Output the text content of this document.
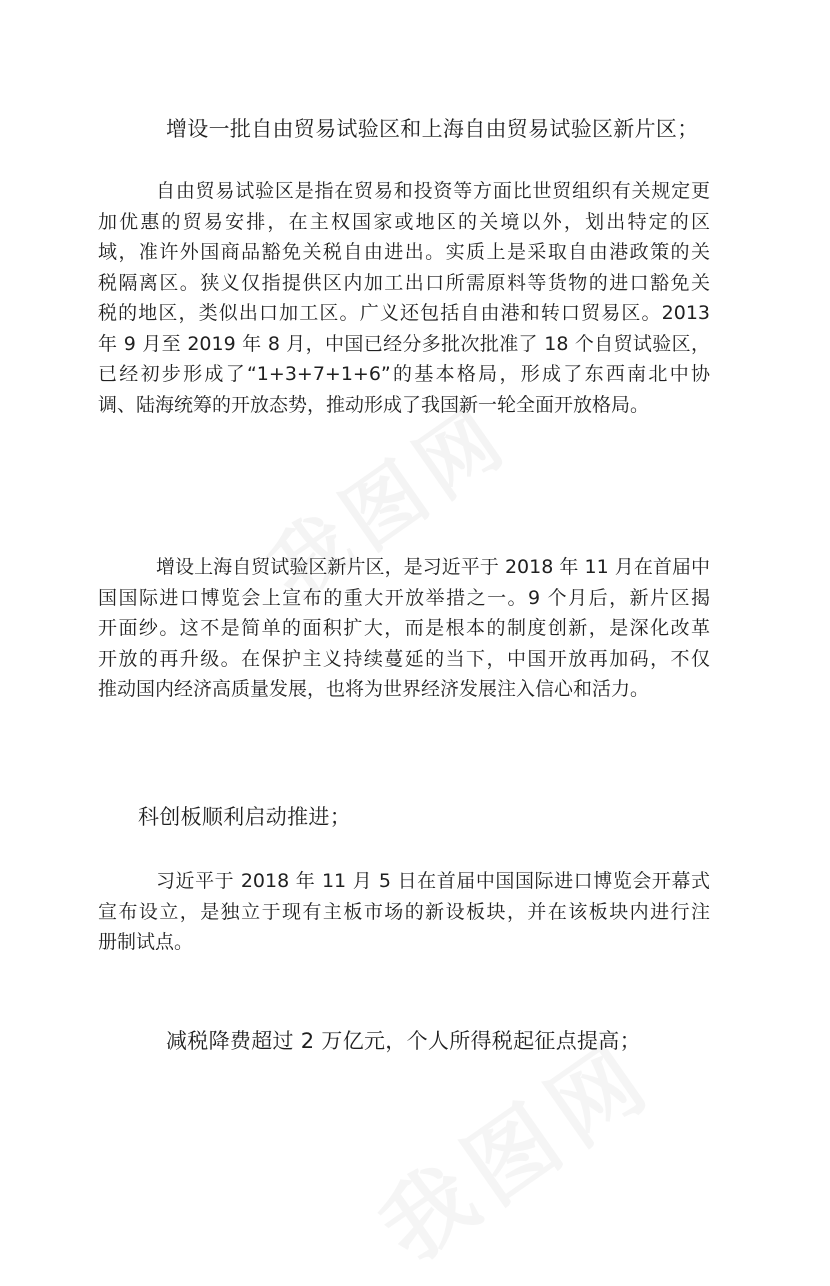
增设一批自由贸易试验区和上海自由贸易试验区新片区；
自由贸易试验区是指在贸易和投资等方面比世贸组织有关规定更
加优惠的贸易安排，在主权国家或地区的关境以外，划出特定的区
域，准许外国商品豁免关税自由进出。实质上是采取自由港政策的关
税隔离区。狭义仅指提供区内加工出口所需原料等货物的进口豁免关
税的地区，类似出口加工区。广义还包括自由港和转口贸易区。2013
年 9 月至 2019 年 8 月，中国已经分多批次批准了 18 个自贸试验区，
已经初步形成了“1+3+7+1+6”的基本格局，形成了东西南北中协
调、陆海统筹的开放态势，推动形成了我国新一轮全面开放格局。
增设上海自贸试验区新片区，是习近平于 2018 年 11 月在首届中
国国际进口博览会上宣布的重大开放举措之一。9 个月后，新片区揭
开面纱。这不是简单的面积扩大，而是根本的制度创新，是深化改革
开放的再升级。在保护主义持续蔓延的当下，中国开放再加码，不仅
推动国内经济高质量发展，也将为世界经济发展注入信心和活力。
科创板顺利启动推进；
习近平于 2018 年 11 月 5 日在首届中国国际进口博览会开幕式
宣布设立，是独立于现有主板市场的新设板块，并在该板块内进行注
册制试点。
减税降费超过 2 万亿元，个人所得税起征点提高；
